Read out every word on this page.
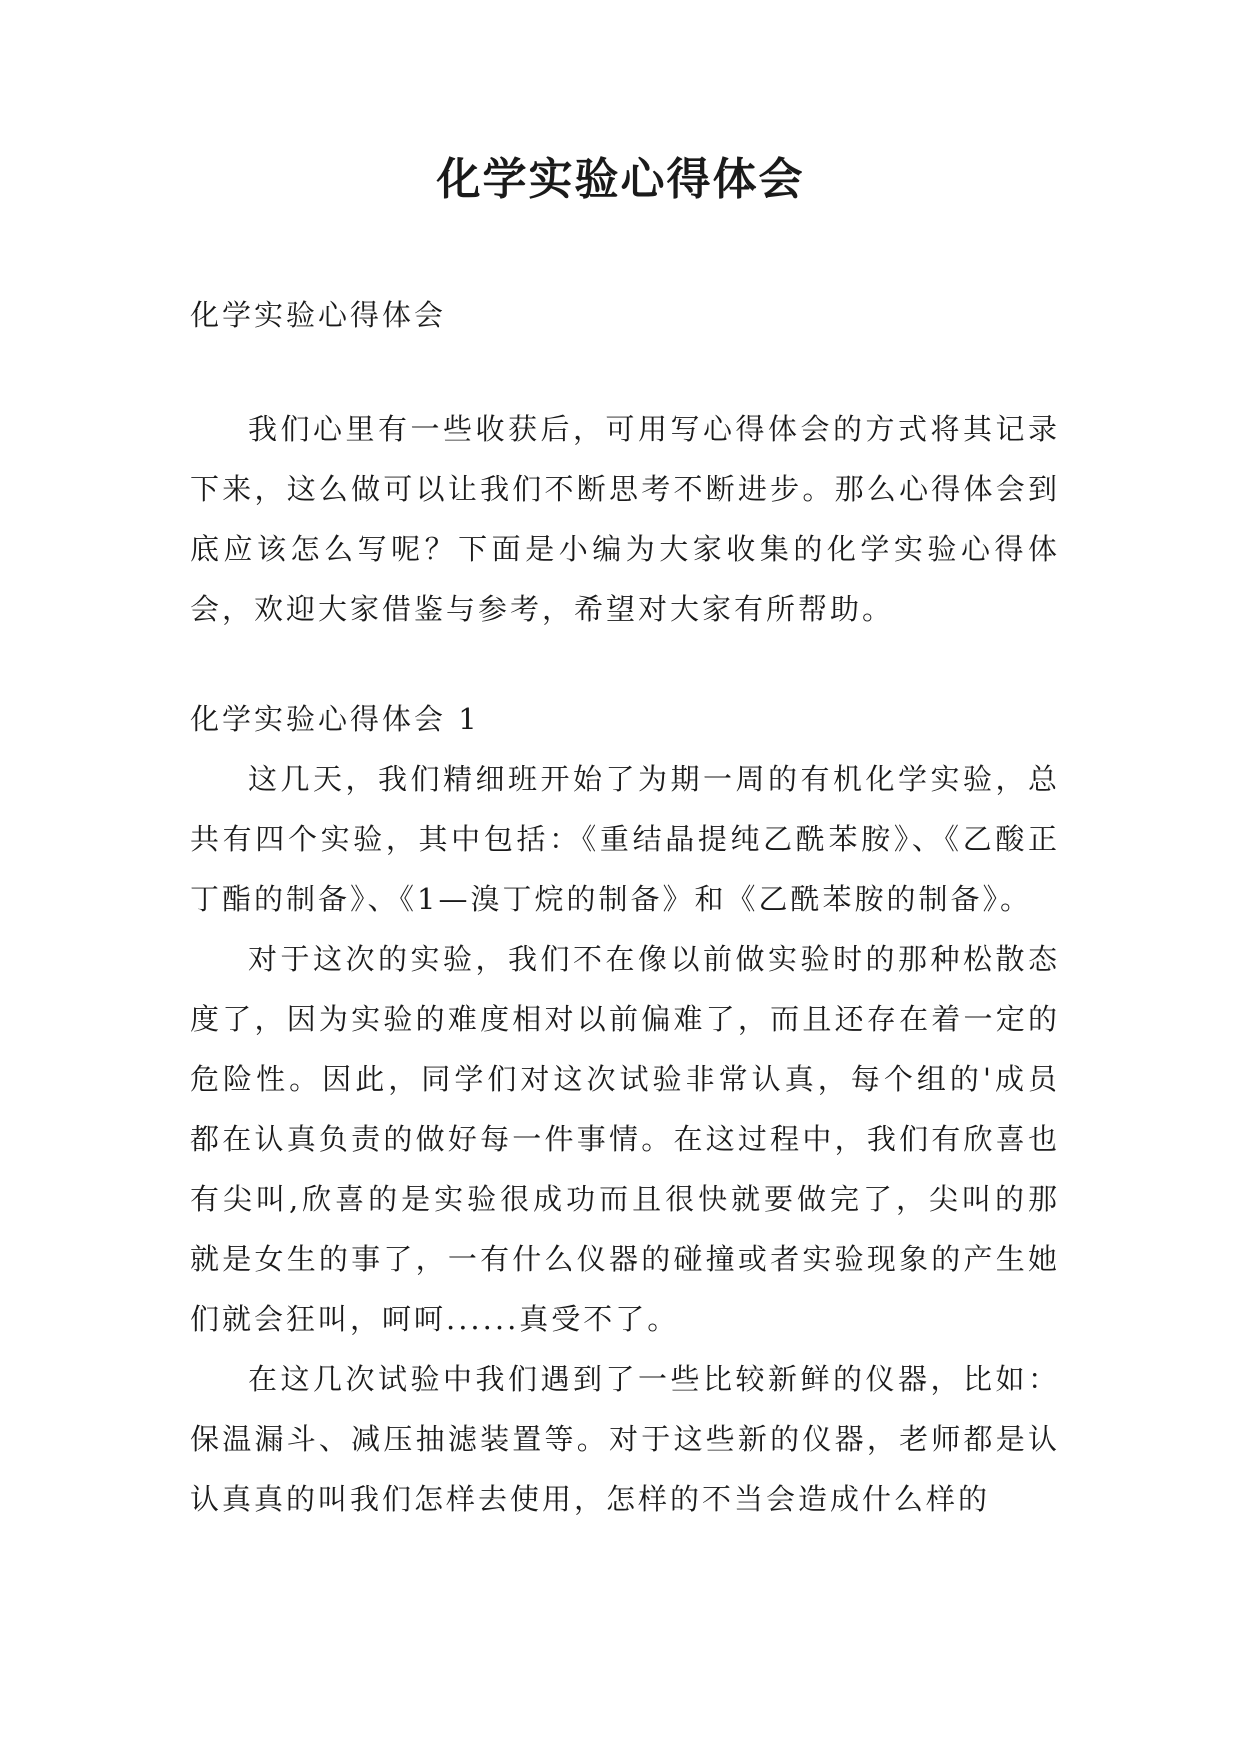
化学实验心得体会

化学实验心得体会

我们心里有一些收获后，可用写心得体会的方式将其记录下来，这么做可以让我们不断思考不断进步。那么心得体会到底应该怎么写呢？下面是小编为大家收集的化学实验心得体会，欢迎大家借鉴与参考，希望对大家有所帮助。

化学实验心得体会 1

这几天，我们精细班开始了为期一周的有机化学实验，总共有四个实验，其中包括：《重结晶提纯乙酰苯胺》、《乙酸正丁酯的制备》、《1—溴丁烷的制备》和《乙酰苯胺的制备》。

对于这次的实验，我们不在像以前做实验时的那种松散态度了，因为实验的难度相对以前偏难了，而且还存在着一定的危险性。因此，同学们对这次试验非常认真，每个组的'成员都在认真负责的做好每一件事情。在这过程中，我们有欣喜也有尖叫,欣喜的是实验很成功而且很快就要做完了，尖叫的那就是女生的事了，一有什么仪器的碰撞或者实验现象的产生她们就会狂叫，呵呵......真受不了。

在这几次试验中我们遇到了一些比较新鲜的仪器，比如：保温漏斗、减压抽滤装置等。对于这些新的仪器，老师都是认认真真的叫我们怎样去使用，怎样的不当会造成什么样的
